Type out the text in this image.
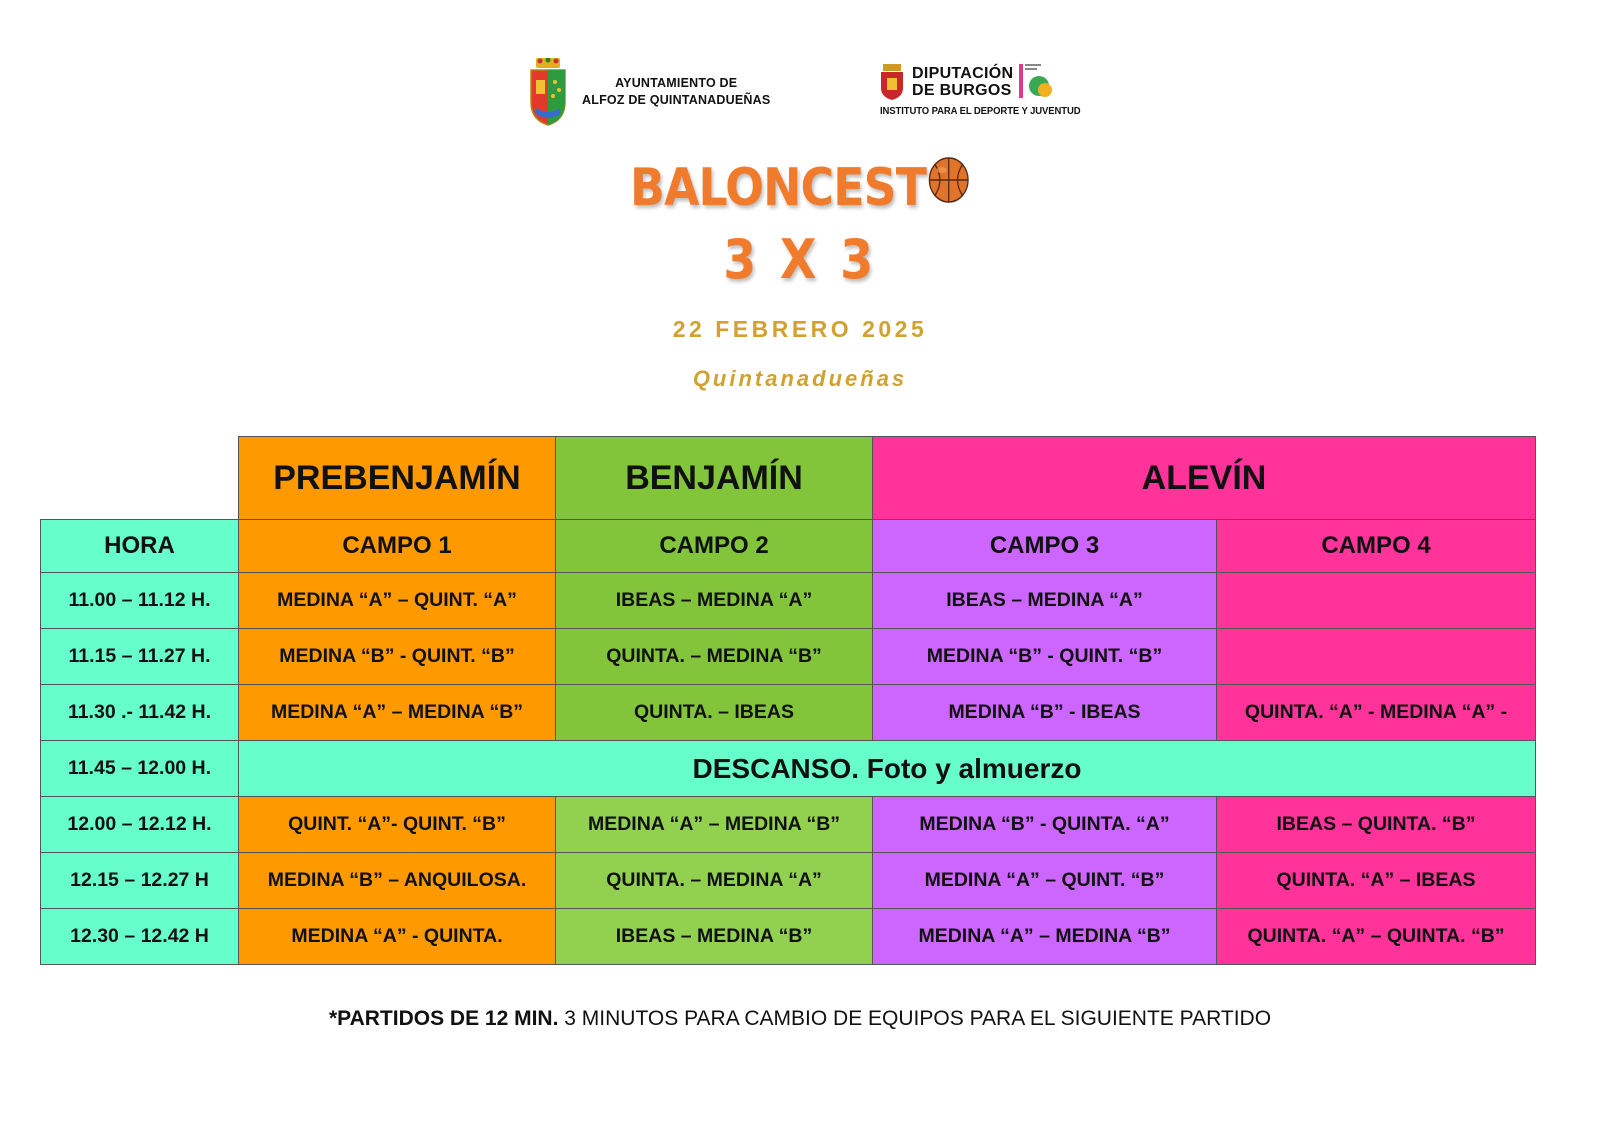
AYUNTAMIENTO DE
ALFOZ DE QUINTANADUEÑAS
DIPUTACIÓN
DE BURGOS
INSTITUTO PARA EL DEPORTE Y JUVENTUD
BALONCEST
3 X 3
22 FEBRERO 2025
Quintanadueñas
	PREBENJAMÍN	BENJAMÍN	ALEVÍN	
HORA	CAMPO 1	CAMPO 2	CAMPO 3	CAMPO 4
11.00 – 11.12 H.	MEDINA “A” – QUINT. “A”	IBEAS – MEDINA “A”	IBEAS – MEDINA “A”	
11.15 – 11.27 H.	MEDINA “B” - QUINT. “B”	QUINTA. – MEDINA “B”	MEDINA “B” - QUINT. “B”	
11.30 .- 11.42 H.	MEDINA “A” – MEDINA “B”	QUINTA. – IBEAS	MEDINA “B” - IBEAS	QUINTA. “A” - MEDINA “A” -
11.45 – 12.00 H.	DESCANSO. Foto y almuerzo			
12.00 – 12.12 H.	QUINT. “A”- QUINT. “B”	MEDINA “A” – MEDINA “B”	MEDINA “B” - QUINTA. “A”	IBEAS – QUINTA. “B”
12.15 – 12.27 H	MEDINA “B” – ANQUILOSA.	QUINTA. – MEDINA “A”	MEDINA “A” – QUINT. “B”	QUINTA. “A” – IBEAS
12.30 – 12.42 H	MEDINA “A” - QUINTA.	IBEAS – MEDINA “B”	MEDINA “A” – MEDINA “B”	QUINTA. “A” – QUINTA. “B”
*PARTIDOS DE 12 MIN. 3 MINUTOS PARA CAMBIO DE EQUIPOS PARA EL SIGUIENTE PARTIDO
